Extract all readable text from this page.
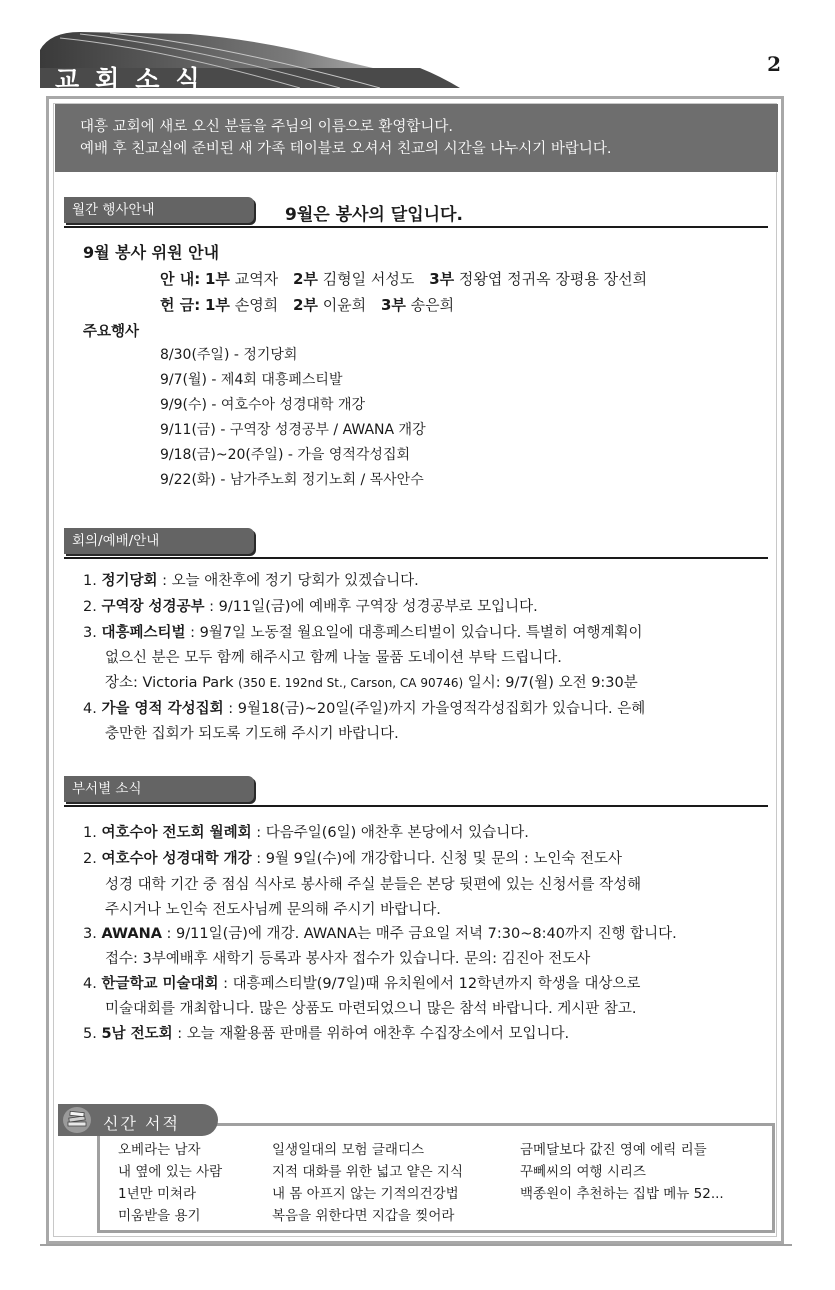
교회소식
2
대흥 교회에 새로 오신 분들을 주님의 이름으로 환영합니다.
예배 후 친교실에 준비된 새 가족 테이블로 오셔서 친교의 시간을 나누시기 바랍니다.
월간 행사안내	9월은 봉사의 달입니다.
9월 봉사 위원 안내
안 내: 1부 교역자 2부 김형일 서성도 3부 정왕엽 정귀옥 장평용 장선희
헌 금: 1부 손영희 2부 이윤희 3부 송은희
주요행사
8/30(주일) - 정기당회
9/7(월) - 제4회 대흥페스티발
9/9(수) - 여호수아 성경대학 개강
9/11(금) - 구역장 성경공부 / AWANA 개강
9/18(금)~20(주일) - 가을 영적각성집회
9/22(화) - 남가주노회 정기노회 / 목사안수
회의/예배/안내
1. 정기당회 : 오늘 애찬후에 정기 당회가 있겠습니다.
2. 구역장 성경공부 : 9/11일(금)에 예배후 구역장 성경공부로 모입니다.
3. 대흥페스티벌 : 9월7일 노동절 월요일에 대흥페스티벌이 있습니다. 특별히 여행계획이
없으신 분은 모두 함께 해주시고 함께 나눌 물품 도네이션 부탁 드립니다.
장소: Victoria Park (350 E. 192nd St., Carson, CA 90746) 일시: 9/7(월) 오전 9:30분
4. 가을 영적 각성집회 : 9월18(금)~20일(주일)까지 가을영적각성집회가 있습니다. 은혜
충만한 집회가 되도록 기도해 주시기 바랍니다.
부서별 소식
1. 여호수아 전도회 월례회 : 다음주일(6일) 애찬후 본당에서 있습니다.
2. 여호수아 성경대학 개강 : 9월 9일(수)에 개강합니다. 신청 및 문의 : 노인숙 전도사
성경 대학 기간 중 점심 식사로 봉사해 주실 분들은 본당 뒷편에 있는 신청서를 작성해
주시거나 노인숙 전도사님께 문의해 주시기 바랍니다.
3. AWANA : 9/11일(금)에 개강. AWANA는 매주 금요일 저녁 7:30~8:40까지 진행 합니다.
접수: 3부예배후 새학기 등록과 봉사자 접수가 있습니다. 문의: 김진아 전도사
4. 한글학교 미술대회 : 대흥페스티발(9/7일)때 유치원에서 12학년까지 학생을 대상으로
미술대회를 개최합니다. 많은 상품도 마련되었으니 많은 참석 바랍니다. 게시판 참고.
5. 5남 전도회 : 오늘 재활용품 판매를 위하여 애찬후 수집장소에서 모입니다.
신간 서적
오베라는 남자
내 옆에 있는 사람
1년만 미쳐라
미움받을 용기
일생일대의 모험 글래디스
지적 대화를 위한 넓고 얕은 지식
내 몸 아프지 않는 기적의건강법
복음을 위한다면 지갑을 찢어라
금메달보다 값진 영예 에릭 리들
꾸뻬씨의 여행 시리즈
백종원이 추천하는 집밥 메뉴 52...
